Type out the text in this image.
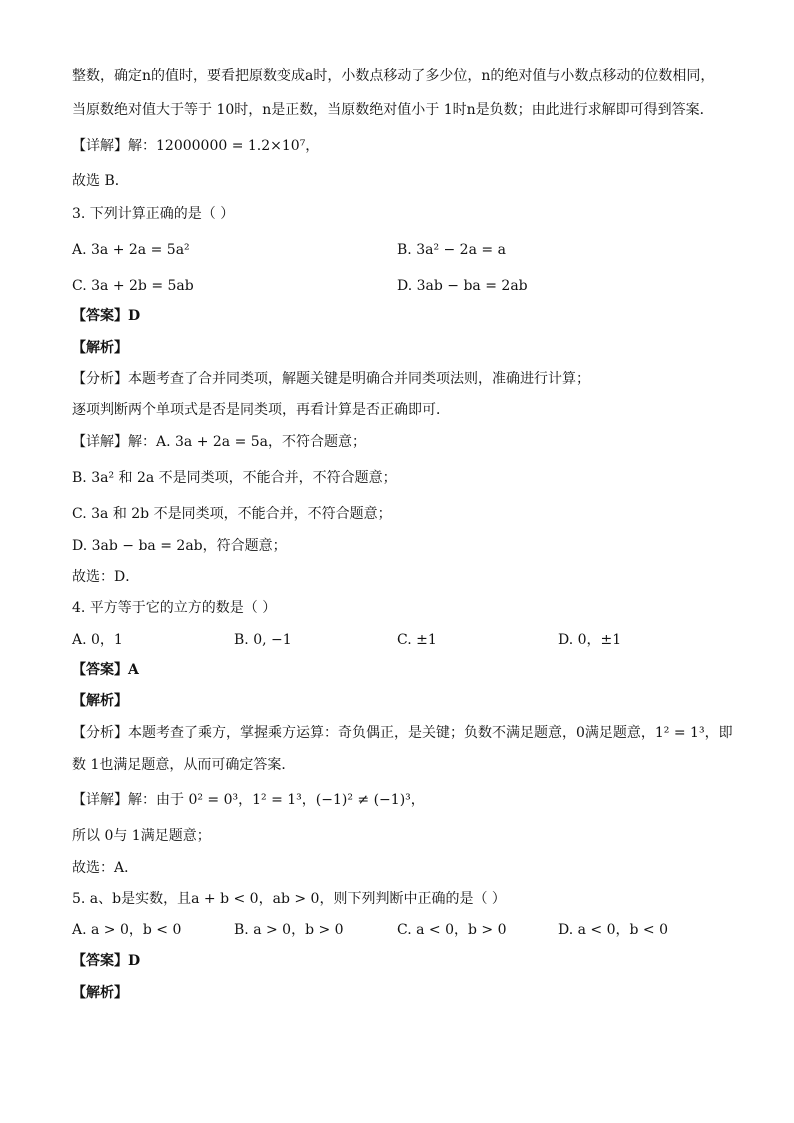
整数，确定n的值时，要看把原数变成a时，小数点移动了多少位，n的绝对值与小数点移动的位数相同，
当原数绝对值大于等于 10时，n是正数，当原数绝对值小于 1时n是负数；由此进行求解即可得到答案．
【详解】解：12000000 = 1.2×10⁷，
故选 B．
3. 下列计算正确的是（ ）
A. 3a + 2a = 5a²	B. 3a² − 2a = a
C. 3a + 2b = 5ab	D. 3ab − ba = 2ab
【答案】D
【解析】
【分析】本题考查了合并同类项，解题关键是明确合并同类项法则，准确进行计算；
逐项判断两个单项式是否是同类项，再看计算是否正确即可．
【详解】解：A. 3a + 2a = 5a，不符合题意；
B. 3a² 和 2a 不是同类项，不能合并，不符合题意；
C. 3a 和 2b 不是同类项，不能合并，不符合题意；
D. 3ab − ba = 2ab，符合题意；
故选：D．
4. 平方等于它的立方的数是（ ）
A. 0，1	B. 0, −1	C. ±1	D. 0，±1
【答案】A
【解析】
【分析】本题考查了乘方，掌握乘方运算：奇负偶正，是关键；负数不满足题意，0满足题意，1² = 1³，即
数 1也满足题意，从而可确定答案．
【详解】解：由于 0² = 0³，1² = 1³，(−1)² ≠ (−1)³，
所以 0与 1满足题意；
故选：A．
5. a、b是实数，且a + b < 0，ab > 0，则下列判断中正确的是（ ）
A. a > 0，b < 0	B. a > 0，b > 0	C. a < 0，b > 0	D. a < 0，b < 0
【答案】D
【解析】
